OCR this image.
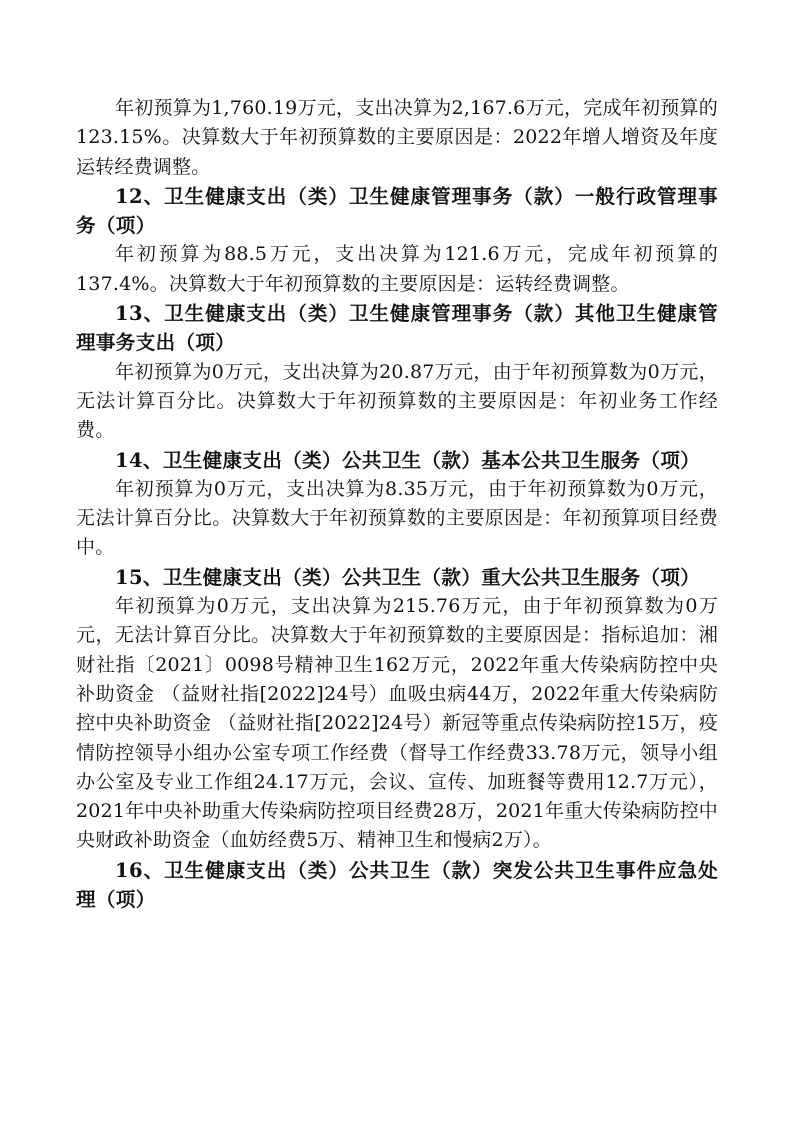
年初预算为1,760.19万元，支出决算为2,167.6万元，完成年初预算的123.15%。决算数大于年初预算数的主要原因是：2022年增人增资及年度运转经费调整。

12、卫生健康支出（类）卫生健康管理事务（款）一般行政管理事务（项）

年初预算为88.5万元，支出决算为121.6万元，完成年初预算的137.4%。决算数大于年初预算数的主要原因是：运转经费调整。

13、卫生健康支出（类）卫生健康管理事务（款）其他卫生健康管理事务支出（项）

年初预算为0万元，支出决算为20.87万元，由于年初预算数为0万元，无法计算百分比。决算数大于年初预算数的主要原因是：年初业务工作经费。

14、卫生健康支出（类）公共卫生（款）基本公共卫生服务（项）

年初预算为0万元，支出决算为8.35万元，由于年初预算数为0万元，无法计算百分比。决算数大于年初预算数的主要原因是：年初预算项目经费中。

15、卫生健康支出（类）公共卫生（款）重大公共卫生服务（项）

年初预算为0万元，支出决算为215.76万元，由于年初预算数为0万元，无法计算百分比。决算数大于年初预算数的主要原因是：指标追加：湘财社指〔2021〕0098号精神卫生162万元，2022年重大传染病防控中央补助资金 （益财社指[2022]24号）血吸虫病44万，2022年重大传染病防控中央补助资金 （益财社指[2022]24号）新冠等重点传染病防控15万，疫情防控领导小组办公室专项工作经费（督导工作经费33.78万元，领导小组办公室及专业工作组24.17万元，会议、宣传、加班餐等费用12.7万元），2021年中央补助重大传染病防控项目经费28万，2021年重大传染病防控中央财政补助资金（血妨经费5万、精神卫生和慢病2万）。

16、卫生健康支出（类）公共卫生（款）突发公共卫生事件应急处理（项）
